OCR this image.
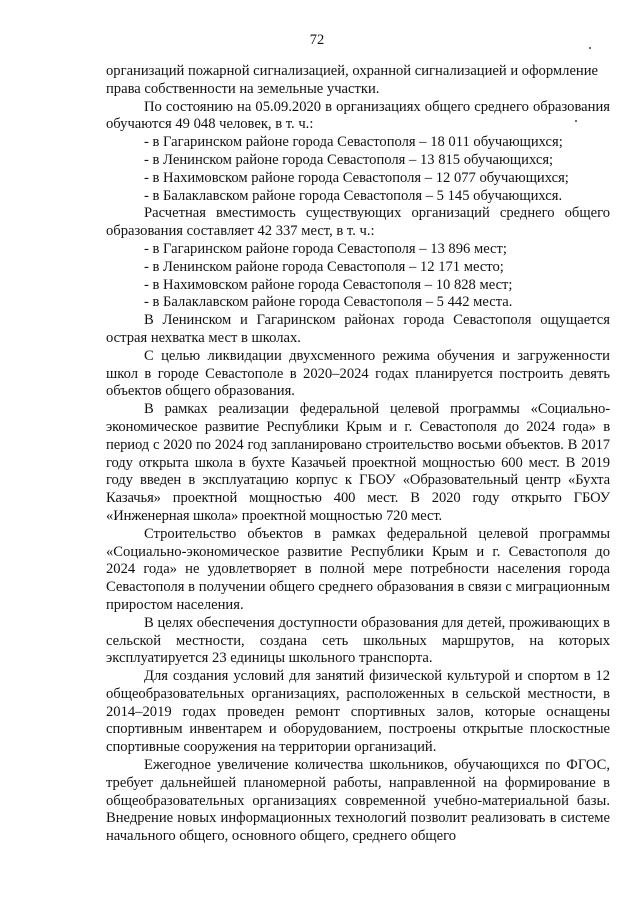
72

организаций пожарной сигнализацией, охранной сигнализацией и оформление права собственности на земельные участки.

По состоянию на 05.09.2020 в организациях общего среднего образования обучаются 49 048 человек, в т. ч.:

- в Гагаринском районе города Севастополя – 18 011 обучающихся;

- в Ленинском районе города Севастополя – 13 815 обучающихся;

- в Нахимовском районе города Севастополя – 12 077 обучающихся;

- в Балаклавском районе города Севастополя – 5 145 обучающихся.

Расчетная вместимость существующих организаций среднего общего образования составляет 42 337 мест, в т. ч.:

- в Гагаринском районе города Севастополя – 13 896 мест;

- в Ленинском районе города Севастополя – 12 171 место;

- в Нахимовском районе города Севастополя – 10 828 мест;

- в Балаклавском районе города Севастополя – 5 442 места.

В Ленинском и Гагаринском районах города Севастополя ощущается острая нехватка мест в школах.

С целью ликвидации двухсменного режима обучения и загруженности школ в городе Севастополе в 2020–2024 годах планируется построить девять объектов общего образования.

В рамках реализации федеральной целевой программы «Социально-экономическое развитие Республики Крым и г. Севастополя до 2024 года» в период с 2020 по 2024 год запланировано строительство восьми объектов. В 2017 году открыта школа в бухте Казачьей проектной мощностью 600 мест. В 2019 году введен в эксплуатацию корпус к ГБОУ «Образовательный центр «Бухта Казачья» проектной мощностью 400 мест. В 2020 году открыто ГБОУ «Инженерная школа» проектной мощностью 720 мест.

Строительство объектов в рамках федеральной целевой программы «Социально-экономическое развитие Республики Крым и г. Севастополя до 2024 года» не удовлетворяет в полной мере потребности населения города Севастополя в получении общего среднего образования в связи с миграционным приростом населения.

В целях обеспечения доступности образования для детей, проживающих в сельской местности, создана сеть школьных маршрутов, на которых эксплуатируется 23 единицы школьного транспорта.

Для создания условий для занятий физической культурой и спортом в 12 общеобразовательных организациях, расположенных в сельской местности, в 2014–2019 годах проведен ремонт спортивных залов, которые оснащены спортивным инвентарем и оборудованием, построены открытые плоскостные спортивные сооружения на территории организаций.

Ежегодное увеличение количества школьников, обучающихся по ФГОС, требует дальнейшей планомерной работы, направленной на формирование в общеобразовательных организациях современной учебно-материальной базы. Внедрение новых информационных технологий позволит реализовать в системе начального общего, основного общего, среднего общего
